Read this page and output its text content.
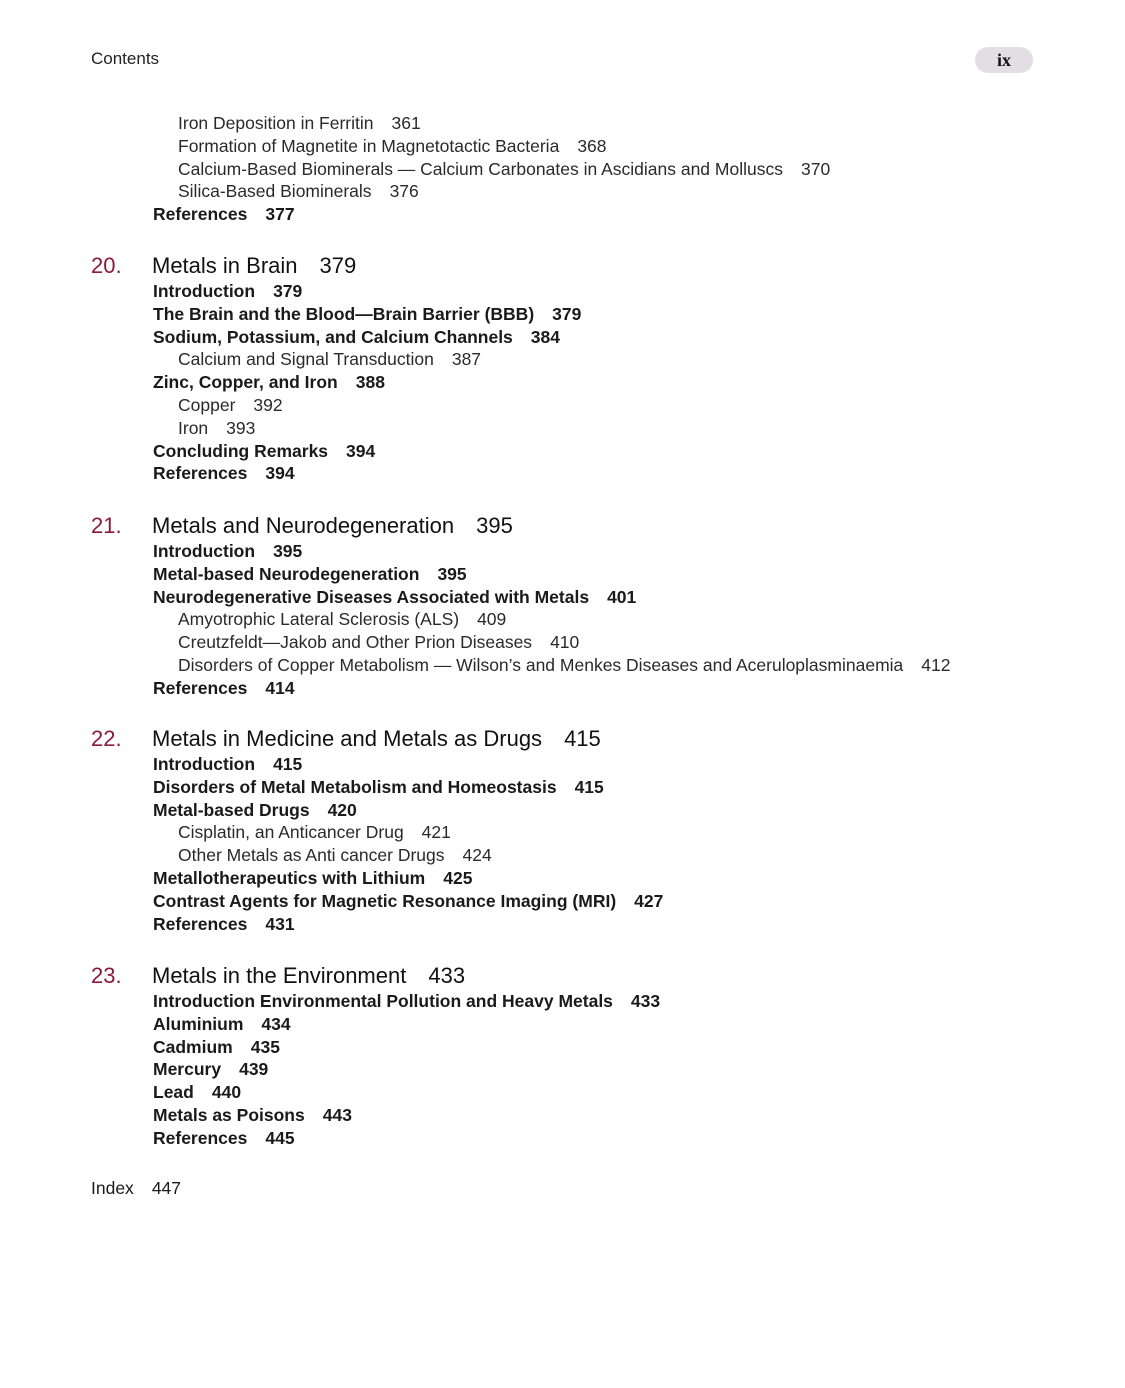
Contents	ix
Iron Deposition in Ferritin 361
Formation of Magnetite in Magnetotactic Bacteria 368
Calcium-Based Biominerals — Calcium Carbonates in Ascidians and Molluscs 370
Silica-Based Biominerals 376
References 377
20. Metals in Brain 379
Introduction 379
The Brain and the Blood—Brain Barrier (BBB) 379
Sodium, Potassium, and Calcium Channels 384
Calcium and Signal Transduction 387
Zinc, Copper, and Iron 388
Copper 392
Iron 393
Concluding Remarks 394
References 394
21. Metals and Neurodegeneration 395
Introduction 395
Metal-based Neurodegeneration 395
Neurodegenerative Diseases Associated with Metals 401
Amyotrophic Lateral Sclerosis (ALS) 409
Creutzfeldt—Jakob and Other Prion Diseases 410
Disorders of Copper Metabolism — Wilson’s and Menkes Diseases and Aceruloplasminaemia 412
References 414
22. Metals in Medicine and Metals as Drugs 415
Introduction 415
Disorders of Metal Metabolism and Homeostasis 415
Metal-based Drugs 420
Cisplatin, an Anticancer Drug 421
Other Metals as Anti cancer Drugs 424
Metallotherapeutics with Lithium 425
Contrast Agents for Magnetic Resonance Imaging (MRI) 427
References 431
23. Metals in the Environment 433
Introduction Environmental Pollution and Heavy Metals 433
Aluminium 434
Cadmium 435
Mercury 439
Lead 440
Metals as Poisons 443
References 445
Index 447
